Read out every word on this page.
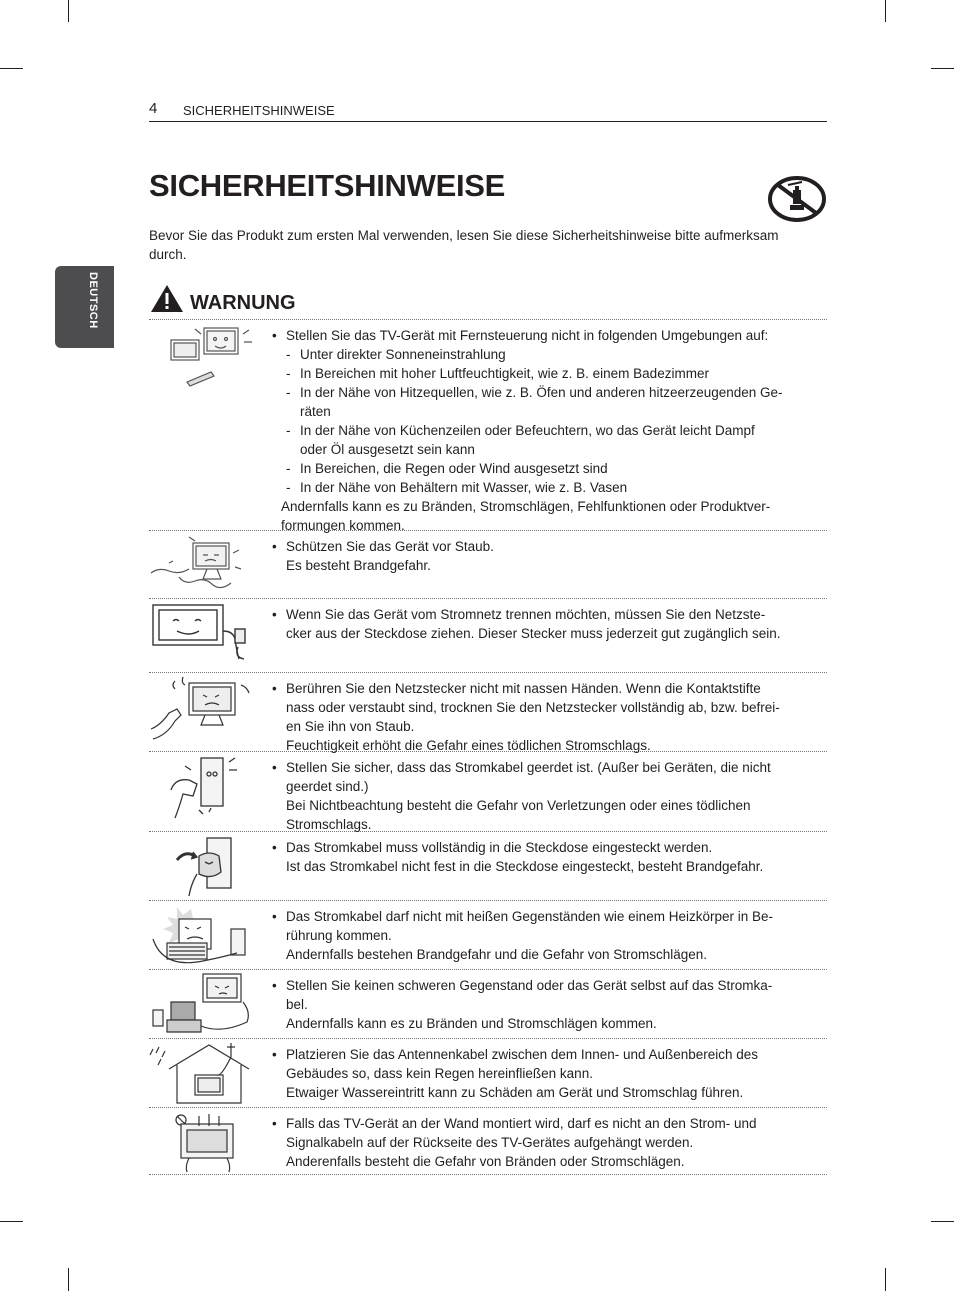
4 SICHERHEITSHINWEISE
DEUTSCH
SICHERHEITSHINWEISE
Bevor Sie das Produkt zum ersten Mal verwenden, lesen Sie diese Sicherheitshinweise bitte aufmerksam
durch.
WARNUNG
• Stellen Sie das TV-Gerät mit Fernsteuerung nicht in folgenden Umgebungen auf:
- Unter direkter Sonneneinstrahlung
- In Bereichen mit hoher Luftfeuchtigkeit, wie z. B. einem Badezimmer
- In der Nähe von Hitzequellen, wie z. B. Öfen und anderen hitzeerzeugenden Ge-
räten
- In der Nähe von Küchenzeilen oder Befeuchtern, wo das Gerät leicht Dampf
oder Öl ausgesetzt sein kann
- In Bereichen, die Regen oder Wind ausgesetzt sind
- In der Nähe von Behältern mit Wasser, wie z. B. Vasen
Andernfalls kann es zu Bränden, Stromschlägen, Fehlfunktionen oder Produktver-
formungen kommen.
• Schützen Sie das Gerät vor Staub.
Es besteht Brandgefahr.
• Wenn Sie das Gerät vom Stromnetz trennen möchten, müssen Sie den Netzste-
cker aus der Steckdose ziehen. Dieser Stecker muss jederzeit gut zugänglich sein.
• Berühren Sie den Netzstecker nicht mit nassen Händen. Wenn die Kontaktstifte
nass oder verstaubt sind, trocknen Sie den Netzstecker vollständig ab, bzw. befrei-
en Sie ihn von Staub.
Feuchtigkeit erhöht die Gefahr eines tödlichen Stromschlags.
• Stellen Sie sicher, dass das Stromkabel geerdet ist. (Außer bei Geräten, die nicht
geerdet sind.)
Bei Nichtbeachtung besteht die Gefahr von Verletzungen oder eines tödlichen
Stromschlags.
• Das Stromkabel muss vollständig in die Steckdose eingesteckt werden.
Ist das Stromkabel nicht fest in die Steckdose eingesteckt, besteht Brandgefahr.
• Das Stromkabel darf nicht mit heißen Gegenständen wie einem Heizkörper in Be-
rührung kommen.
Andernfalls bestehen Brandgefahr und die Gefahr von Stromschlägen.
• Stellen Sie keinen schweren Gegenstand oder das Gerät selbst auf das Stromka-
bel.
Andernfalls kann es zu Bränden und Stromschlägen kommen.
• Platzieren Sie das Antennenkabel zwischen dem Innen- und Außenbereich des
Gebäudes so, dass kein Regen hereinfließen kann.
Etwaiger Wassereintritt kann zu Schäden am Gerät und Stromschlag führen.
• Falls das TV-Gerät an der Wand montiert wird, darf es nicht an den Strom- und
Signalkabeln auf der Rückseite des TV-Gerätes aufgehängt werden.
Anderenfalls besteht die Gefahr von Bränden oder Stromschlägen.
